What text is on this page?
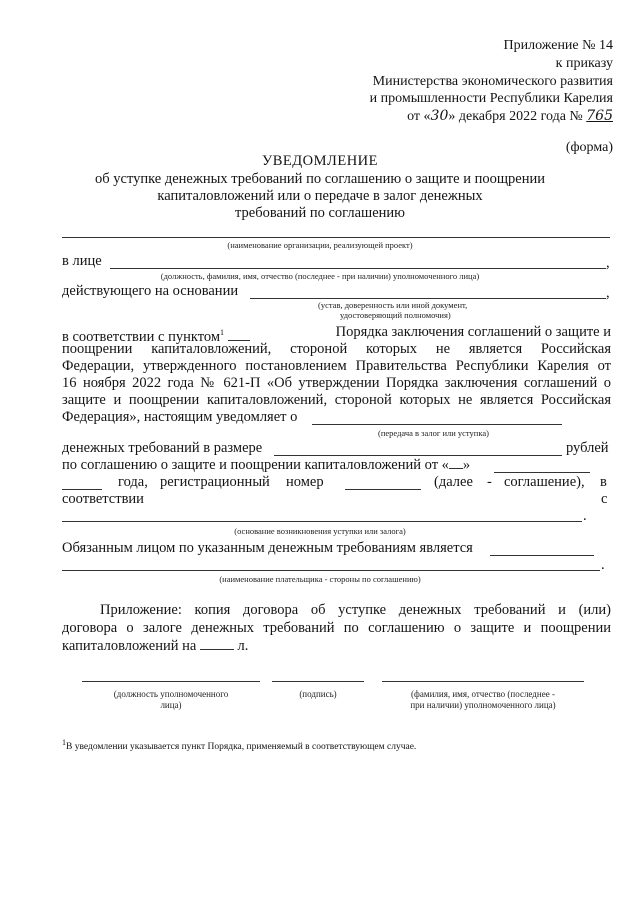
Приложение № 14
к приказу
Министерства экономического развития
и промышленности Республики Карелия
от «30» декабря 2022 года № 765
(форма)
УВЕДОМЛЕНИЕ
об уступке денежных требований по соглашению о защите и поощрении
капиталовложений или о передаче в залог денежных
требований по соглашению
(наименование организации, реализующей проект)
в лице	,
(должность, фамилия, имя, отчество (последнее - при наличии) уполномоченного лица)
действующего на основании	,
(устав, доверенность или иной документ,
удостоверяющий полномочия)
в соответствии с пунктом$^1$	Порядка заключения соглашений о защите и
поощрении капиталовложений, стороной которых не является Российская
Федерации, утвержденного постановлением Правительства Республики Карелия от
16 ноября 2022 года № 621-П «Об утверждении Порядка заключения соглашений о
защите и поощрении капиталовложений, стороной которых не является Российская
Федерация», настоящим уведомляет о
(передача в залог или уступка)
денежных требований в размере	рублей
по соглашению о защите и поощрении капиталовложений от « »
года, регистрационный номер	(далее - соглашение), в
соответствии	с
.
(основание возникновения уступки или залога)
Обязанным лицом по указанным денежным требованиям является
.
(наименование плательщика - стороны по соглашению)
Приложение: копия договора об уступке денежных требований и (или)
договора о залоге денежных требований по соглашению о защите и поощрении
капиталовложений на	л.
(должность уполномоченного
лица)
(подпись)	(фамилия, имя, отчество (последнее -
при наличии) уполномоченного лица)
$^1$В уведомлении указывается пункт Порядка, применяемый в соответствующем случае.
